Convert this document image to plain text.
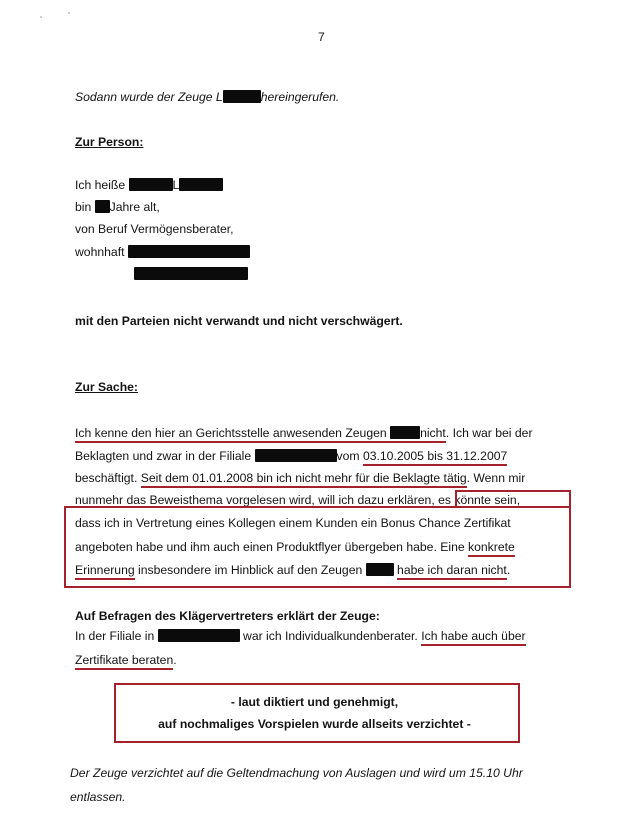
7
Sodann wurde der Zeuge L	hereingerufen.
Zur Person:
Ich heiße	L
bin Jahre alt,
von Beruf Vermögensberater,
wohnhaft
mit den Parteien nicht verwandt und nicht verschwägert.
Zur Sache:
Ich kenne den hier an Gerichtsstelle anwesenden Zeugen nicht. Ich war bei der
Beklagten und zwar in der Filiale	vom 03.10.2005 bis 31.12.2007
beschäftigt. Seit dem 01.01.2008 bin ich nicht mehr für die Beklagte tätig. Wenn mir
nunmehr das Beweisthema vorgelesen wird, will ich dazu erklären, es könnte sein,
dass ich in Vertretung eines Kollegen einem Kunden ein Bonus Chance Zertifikat
angeboten habe und ihm auch einen Produktflyer übergeben habe. Eine konkrete
Erinnerung insbesondere im Hinblick auf den Zeugen	habe ich daran nicht.
Auf Befragen des Klägervertreters erklärt der Zeuge:
In der Filiale in	war ich Individualkundenberater. Ich habe auch über
Zertifikate beraten.
- laut diktiert und genehmigt,
auf nochmaliges Vorspielen wurde allseits verzichtet -
Der Zeuge verzichtet auf die Geltendmachung von Auslagen und wird um 15.10 Uhr
entlassen.
